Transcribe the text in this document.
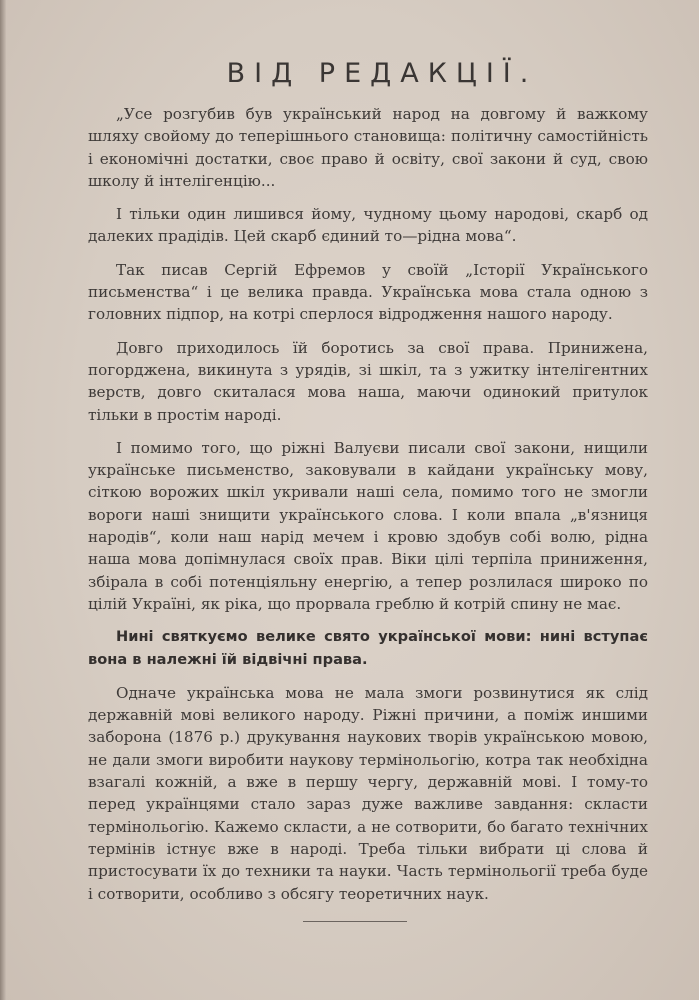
ВІД РЕДАКЦІЇ.

„Усе розгубив був український народ на довгому й важкому шляху свойому до теперішнього становища: політичну самостійність і економічні достатки, своє право й освіту, свої закони й суд, свою школу й інтелігенцію...

І тільки один лишився йому, чудному цьому народові, скарб од далеких прадідів. Цей скарб єдиний то—рідна мова“.

Так писав Сергій Ефремов у своїй „Історії Українського письменства“ і це велика правда. Українська мова стала одною з головних підпор, на котрі сперлося відродження нашого народу.

Довго приходилось їй боротись за свої права. Принижена, погорджена, викинута з урядів, зі шкіл, та з ужитку інтелігентних верств, довго скиталася мова наша, маючи одинокий притулок тільки в простім народі.

І помимо того, що ріжні Валуєви писали свої закони, нищили українське письменство, заковували в кайдани українську мову, сіткою ворожих шкіл укривали наші села, помимо того не змогли вороги наші знищити українського слова. І коли впала „в'язниця народів“, коли наш нарід мечем і кровю здобув собі волю, рідна наша мова допімнулася своїх прав. Віки цілі терпіла приниження, збірала в собі потенціяльну енергію, а тепер розлилася широко по цілій Україні, як ріка, що прорвала греблю й котрій спину не має.

Нині святкуємо велике свято української мови: нині вступає вона в належні їй відвічні права.

Одначе українська мова не мала змоги розвинутися як слід державній мові великого народу. Ріжні причини, а поміж иншими заборона (1876 р.) друкування наукових творів українською мовою, не дали змоги виробити наукову термінольогію, котра так необхідна взагалі кожній, а вже в першу чергу, державній мові. І тому-то перед українцями стало зараз дуже важливе завдання: скласти термінольогію. Кажемо скласти, а не сотворити, бо багато технічних термінів істнує вже в народі. Треба тільки вибрати ці слова й пристосувати їх до техники та науки. Часть термінольогії треба буде і сотворити, особливо з обсягу теоретичних наук.
